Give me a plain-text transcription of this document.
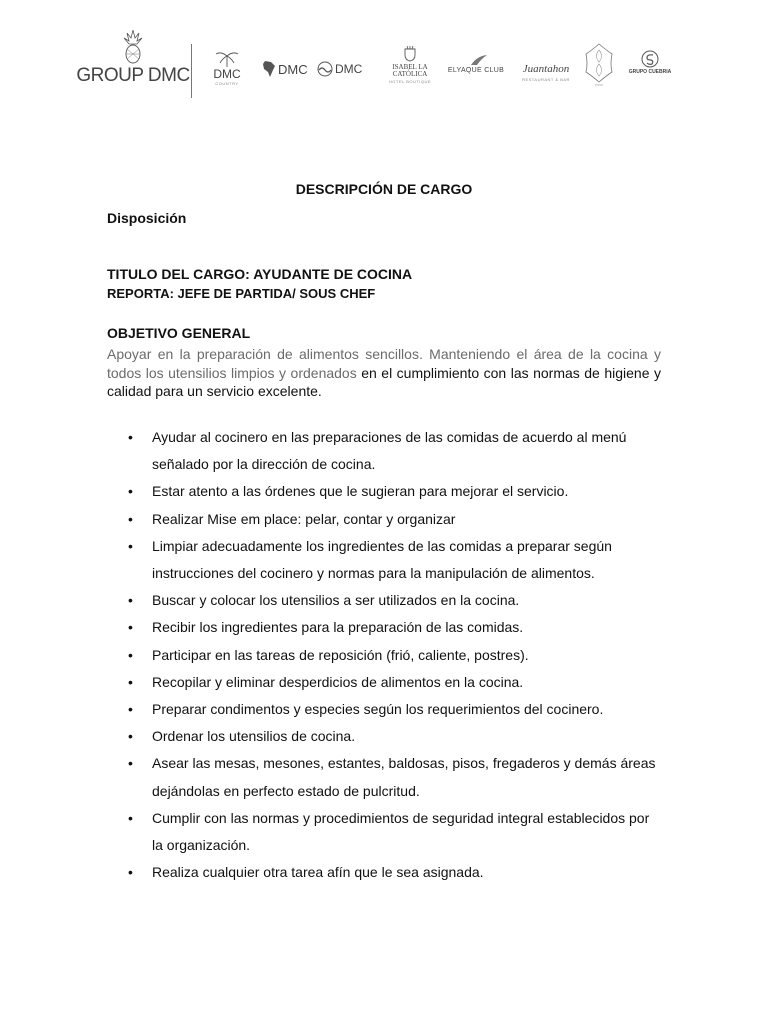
GROUP DMC DMC
COUNTRY
DMC DMC	ISABEL LA CATÓLICA
HOTEL BOUTIQUE
ELYAQUE CLUB Juantahon
RESTAURANT & BAR
GRUPO CUEBRIA
DESCRIPCIÓN DE CARGO
Disposición
TITULO DEL CARGO: AYUDANTE DE COCINA
REPORTA: JEFE DE PARTIDA/ SOUS CHEF
OBJETIVO GENERAL

Apoyar en la preparación de alimentos sencillos. Manteniendo el área de la cocina y todos los utensilios limpios y ordenados en el cumplimiento con las normas de higiene y calidad para un servicio excelente.

• Ayudar al cocinero en las preparaciones de las comidas de acuerdo al menú señalado por la dirección de cocina.
• Estar atento a las órdenes que le sugieran para mejorar el servicio.
• Realizar Mise em place: pelar, contar y organizar
• Limpiar adecuadamente los ingredientes de las comidas a preparar según instrucciones del cocinero y normas para la manipulación de alimentos.
• Buscar y colocar los utensilios a ser utilizados en la cocina.
• Recibir los ingredientes para la preparación de las comidas.
• Participar en las tareas de reposición (frió, caliente, postres).
• Recopilar y eliminar desperdicios de alimentos en la cocina.
• Preparar condimentos y especies según los requerimientos del cocinero.
• Ordenar los utensilios de cocina.
• Asear las mesas, mesones, estantes, baldosas, pisos, fregaderos y demás áreas dejándolas en perfecto estado de pulcritud.
• Cumplir con las normas y procedimientos de seguridad integral establecidos por la organización.
• Realiza cualquier otra tarea afín que le sea asignada.
